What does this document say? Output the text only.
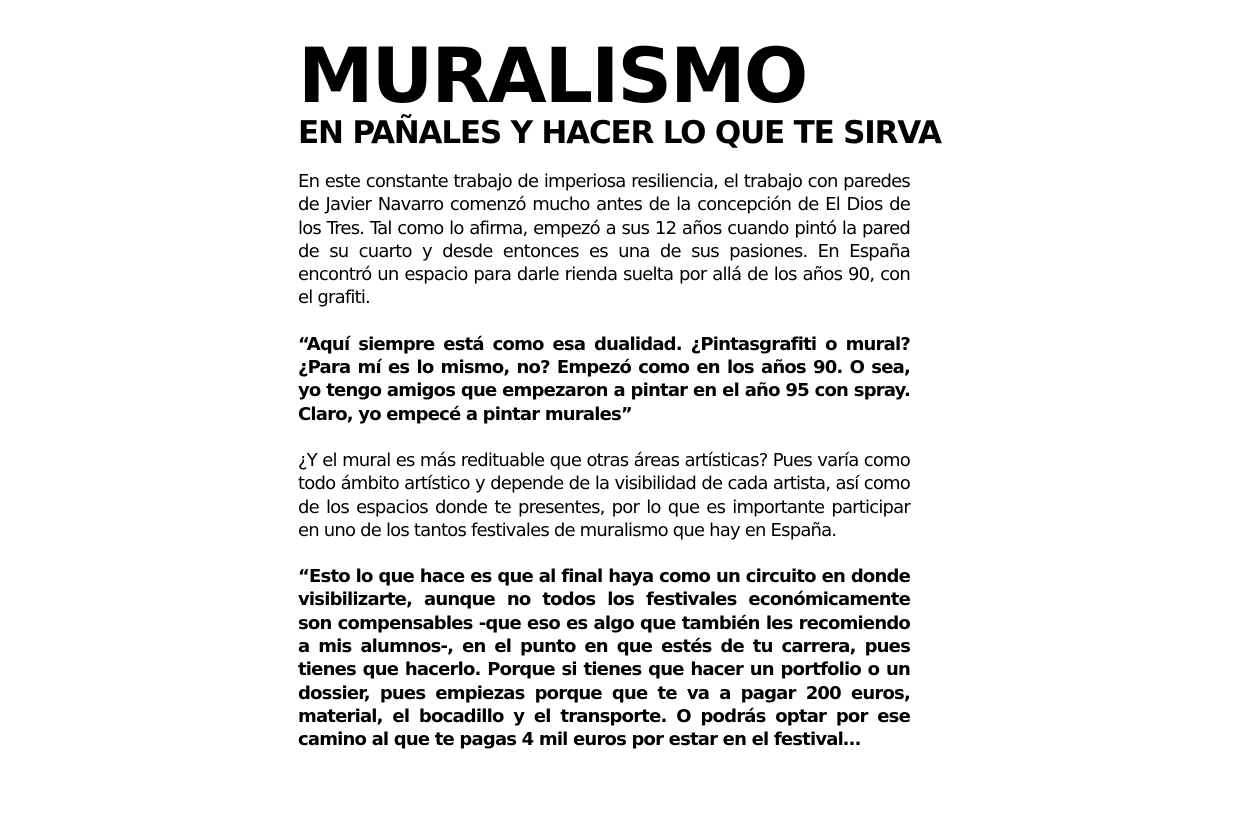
MURALISMO
EN PAÑALES Y HACER LO QUE TE SIRVA

En este constante trabajo de imperiosa resiliencia, el trabajo con paredes de Javier Navarro comenzó mucho antes de la concepción de El Dios de los Tres. Tal como lo afirma, empezó a sus 12 años cuando pintó la pared de su cuarto y desde entonces es una de sus pasiones. En España encontró un espacio para darle rienda suelta por allá de los años 90, con el grafiti.

“Aquí siempre está como esa dualidad. ¿Pintasgrafiti o mural? ¿Para mí es lo mismo, no? Empezó como en los años 90. O sea, yo tengo amigos que empezaron a pintar en el año 95 con spray. Claro, yo empecé a pintar murales”

¿Y el mural es más redituable que otras áreas artísticas? Pues varía como todo ámbito artístico y depende de la visibilidad de cada artista, así como de los espacios donde te presentes, por lo que es importante participar en uno de los tantos festivales de muralismo que hay en España.

“Esto lo que hace es que al final haya como un circuito en donde visibilizarte, aunque no todos los festivales económicamente son compensables -que eso es algo que también les recomiendo a mis alumnos-, en el punto en que estés de tu carrera, pues tienes que hacerlo. Porque si tienes que hacer un portfolio o un dossier, pues empiezas porque que te va a pagar 200 euros, material, el bocadillo y el transporte. O podrás optar por ese camino al que te pagas 4 mil euros por estar en el festival…
